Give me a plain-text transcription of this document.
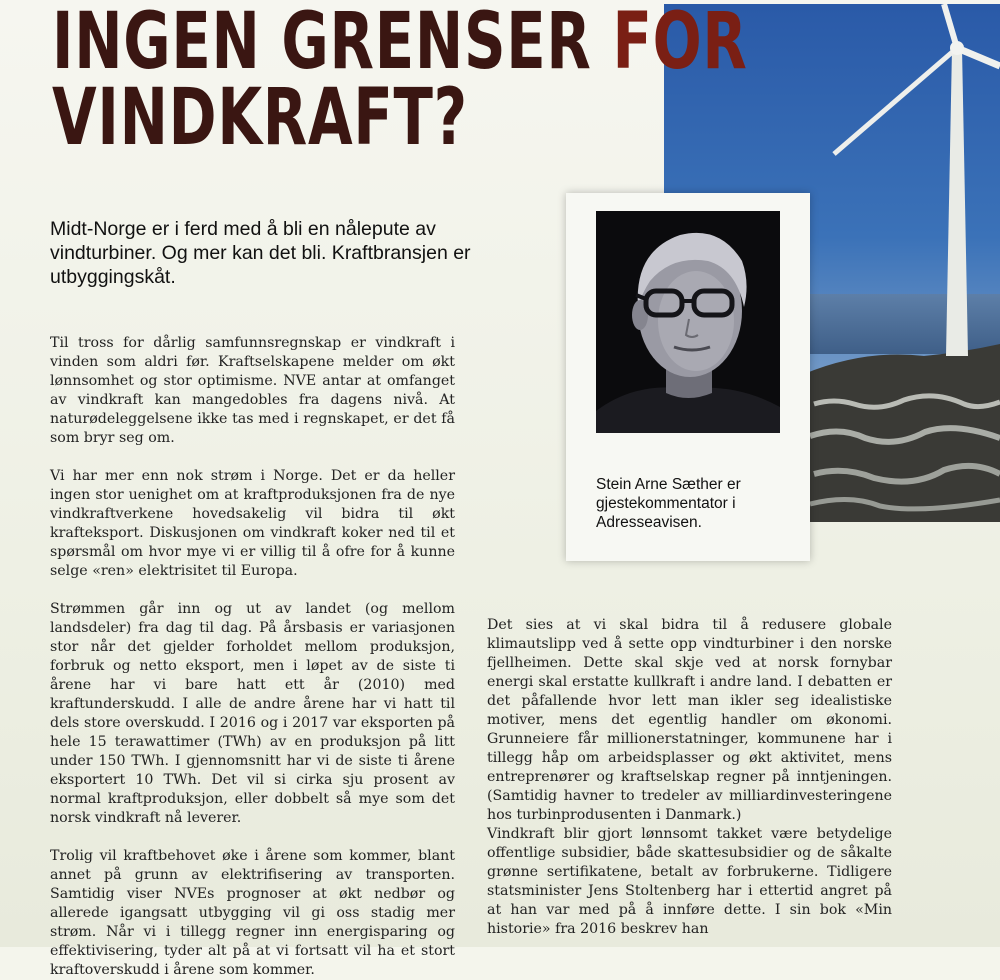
INGEN GRENSER FOR
VINDKRAFT?

Midt-Norge er i ferd med å bli en nålepute av vindturbiner. Og mer kan det bli. Kraftbransjen er utbyggingskåt.

Stein Arne Sæther er gjestekommentator i Adresseavisen.

Til tross for dårlig samfunnsregnskap er vindkraft i vinden som aldri før. Kraftselskapene melder om økt lønnsomhet og stor optimisme. NVE antar at omfanget av vindkraft kan mangedobles fra dagens nivå. At naturødeleggelsene ikke tas med i regnskapet, er det få som bryr seg om.

Vi har mer enn nok strøm i Norge. Det er da heller ingen stor uenighet om at kraftproduksjonen fra de nye vindkraftverkene hovedsakelig vil bidra til økt krafteksport. Diskusjonen om vindkraft koker ned til et spørsmål om hvor mye vi er villig til å ofre for å kunne selge «ren» elektrisitet til Europa.

Strømmen går inn og ut av landet (og mellom landsdeler) fra dag til dag. På årsbasis er variasjonen stor når det gjelder forholdet mellom produksjon, forbruk og netto eksport, men i løpet av de siste ti årene har vi bare hatt ett år (2010) med kraftunderskudd. I alle de andre årene har vi hatt til dels store overskudd. I 2016 og i 2017 var eksporten på hele 15 terawattimer (TWh) av en produksjon på litt under 150 TWh. I gjennomsnitt har vi de siste ti årene eksportert 10 TWh. Det vil si cirka sju prosent av normal kraftproduksjon, eller dobbelt så mye som det norsk vindkraft nå leverer.

Trolig vil kraftbehovet øke i årene som kommer, blant annet på grunn av elektrifisering av transporten. Samtidig viser NVEs prognoser at økt nedbør og allerede igangsatt utbygging vil gi oss stadig mer strøm. Når vi i tillegg regner inn energisparing og effektivisering, tyder alt på at vi fortsatt vil ha et stort kraftoverskudd i årene som kommer.

Det sies at vi skal bidra til å redusere globale klimautslipp ved å sette opp vindturbiner i den norske fjellheimen. Dette skal skje ved at norsk fornybar energi skal erstatte kullkraft i andre land. I debatten er det påfallende hvor lett man ikler seg idealistiske motiver, mens det egentlig handler om økonomi. Grunneiere får millionerstatninger, kommunene har i tillegg håp om arbeidsplasser og økt aktivitet, mens entreprenører og kraftselskap regner på inntjeningen. (Samtidig havner to tredeler av milliardinvesteringene hos turbinprodusenten i Danmark.)

Vindkraft blir gjort lønnsomt takket være betydelige offentlige subsidier, både skattesubsidier og de såkalte grønne sertifikatene, betalt av forbrukerne. Tidligere statsminister Jens Stoltenberg har i ettertid angret på at han var med på å innføre dette. I sin bok «Min historie» fra 2016 beskrev han
